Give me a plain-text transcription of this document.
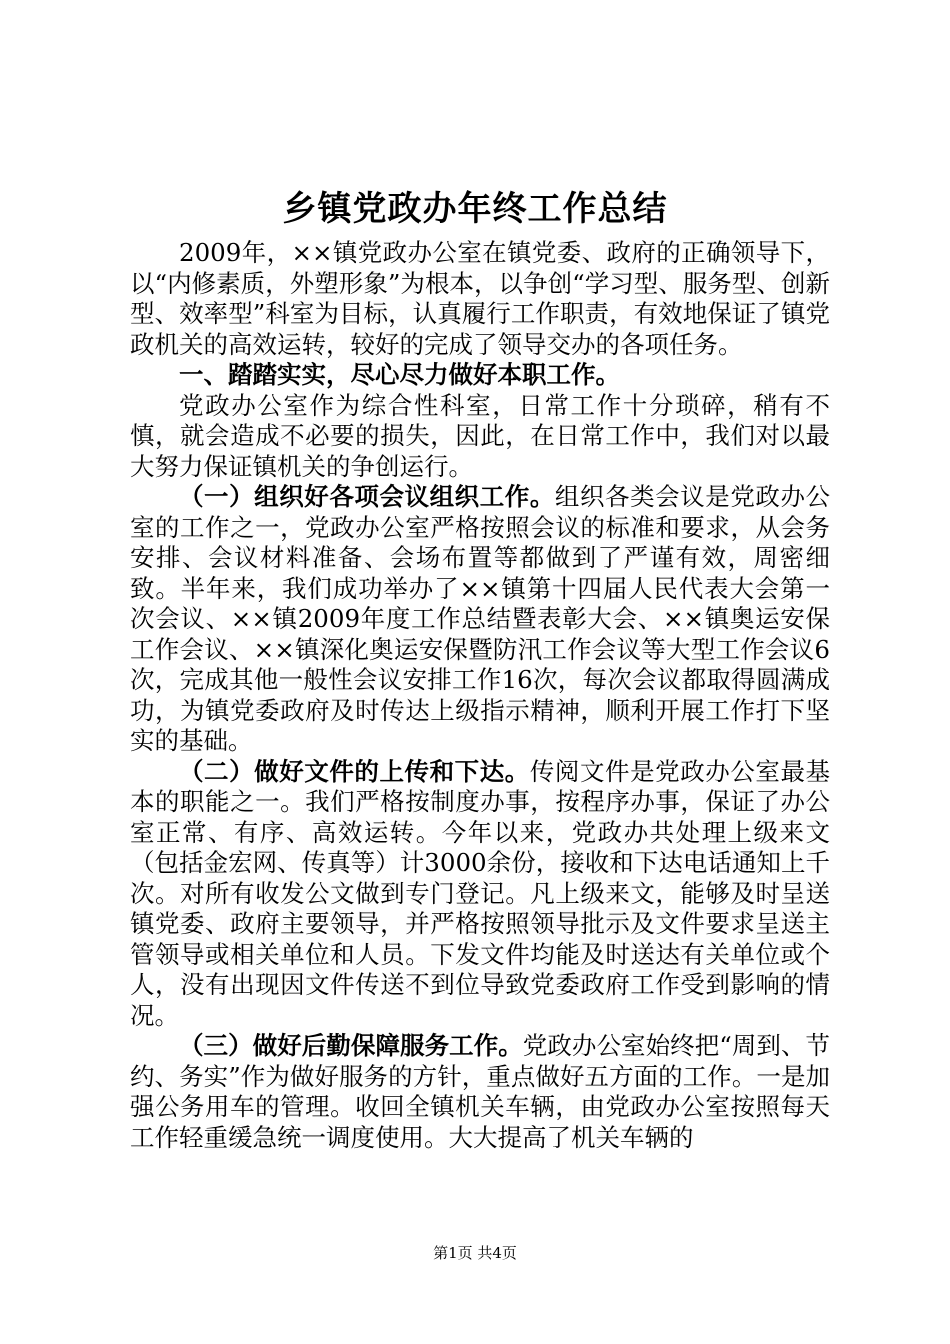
乡镇党政办年终工作总结

2009年，××镇党政办公室在镇党委、政府的正确领导下，以“内修素质，外塑形象”为根本，以争创“学习型、服务型、创新型、效率型”科室为目标，认真履行工作职责，有效地保证了镇党政机关的高效运转，较好的完成了领导交办的各项任务。

一、踏踏实实，尽心尽力做好本职工作。

党政办公室作为综合性科室，日常工作十分琐碎，稍有不慎，就会造成不必要的损失，因此，在日常工作中，我们对以最大努力保证镇机关的争创运行。

（一）组织好各项会议组织工作。组织各类会议是党政办公室的工作之一，党政办公室严格按照会议的标准和要求，从会务安排、会议材料准备、会场布置等都做到了严谨有效，周密细致。半年来，我们成功举办了××镇第十四届人民代表大会第一次会议、××镇2009年度工作总结暨表彰大会、××镇奥运安保工作会议、××镇深化奥运安保暨防汛工作会议等大型工作会议6次，完成其他一般性会议安排工作16次，每次会议都取得圆满成功，为镇党委政府及时传达上级指示精神，顺利开展工作打下坚实的基础。

（二）做好文件的上传和下达。传阅文件是党政办公室最基本的职能之一。我们严格按制度办事，按程序办事，保证了办公室正常、有序、高效运转。今年以来，党政办共处理上级来文（包括金宏网、传真等）计3000余份，接收和下达电话通知上千次。对所有收发公文做到专门登记。凡上级来文，能够及时呈送镇党委、政府主要领导，并严格按照领导批示及文件要求呈送主管领导或相关单位和人员。下发文件均能及时送达有关单位或个人，没有出现因文件传送不到位导致党委政府工作受到影响的情况。

（三）做好后勤保障服务工作。党政办公室始终把“周到、节约、务实”作为做好服务的方针，重点做好五方面的工作。一是加强公务用车的管理。收回全镇机关车辆，由党政办公室按照每天工作轻重缓急统一调度使用。大大提高了机关车辆的

第1页 共4页
